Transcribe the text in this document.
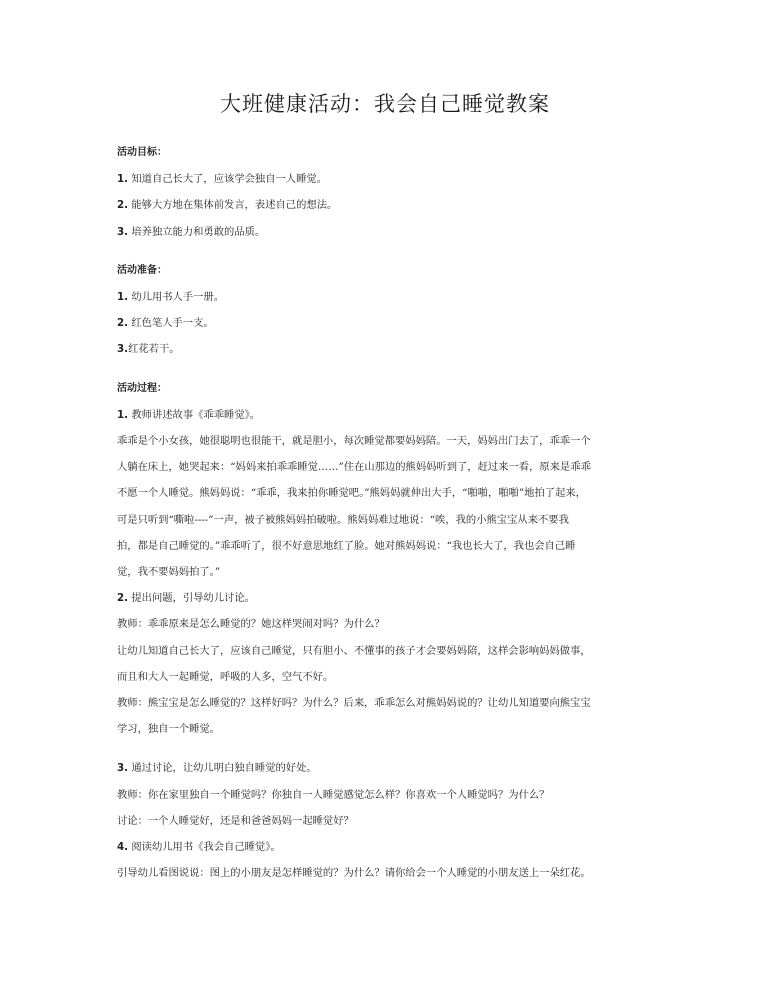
大班健康活动：我会自己睡觉教案
活动目标：
1. 知道自己长大了，应该学会独自一人睡觉。
2. 能够大方地在集体前发言，表述自己的想法。
3. 培养独立能力和勇敢的品质。
活动准备：
1. 幼儿用书人手一册。
2. 红色笔人手一支。
3.红花若干。
活动过程：
1. 教师讲述故事《乖乖睡觉》。
乖乖是个小女孩，她很聪明也很能干，就是胆小，每次睡觉都要妈妈陪。一天，妈妈出门去了，乖乖一个
人躺在床上，她哭起来：“妈妈来拍乖乖睡觉……”住在山那边的熊妈妈听到了，赶过来一看，原来是乖乖
不愿一个人睡觉。熊妈妈说：“乖乖，我来拍你睡觉吧。”熊妈妈就伸出大手，“啪啪，啪啪”地拍了起来，
可是只听到“嘶啦----”一声，被子被熊妈妈拍破啦。熊妈妈难过地说：“唉，我的小熊宝宝从来不要我
拍，都是自己睡觉的。”乖乖听了，很不好意思地红了脸。她对熊妈妈说：“我也长大了，我也会自己睡
觉，我不要妈妈拍了。”
2. 提出问题，引导幼儿讨论。
教师：乖乖原来是怎么睡觉的？她这样哭闹对吗？为什么？
让幼儿知道自己长大了，应该自己睡觉，只有胆小、不懂事的孩子才会要妈妈陪，这样会影响妈妈做事，
而且和大人一起睡觉，呼吸的人多，空气不好。
教师：熊宝宝是怎么睡觉的？这样好吗？为什么？后来，乖乖怎么对熊妈妈说的？让幼儿知道要向熊宝宝
学习，独自一个睡觉。
3. 通过讨论，让幼儿明白独自睡觉的好处。
教师：你在家里独自一个睡觉吗？你独自一人睡觉感觉怎么样？你喜欢一个人睡觉吗？为什么？
讨论：一个人睡觉好，还是和爸爸妈妈一起睡觉好？
4. 阅读幼儿用书《我会自己睡觉》。
引导幼儿看图说说：图上的小朋友是怎样睡觉的？为什么？请你给会一个人睡觉的小朋友送上一朵红花。
